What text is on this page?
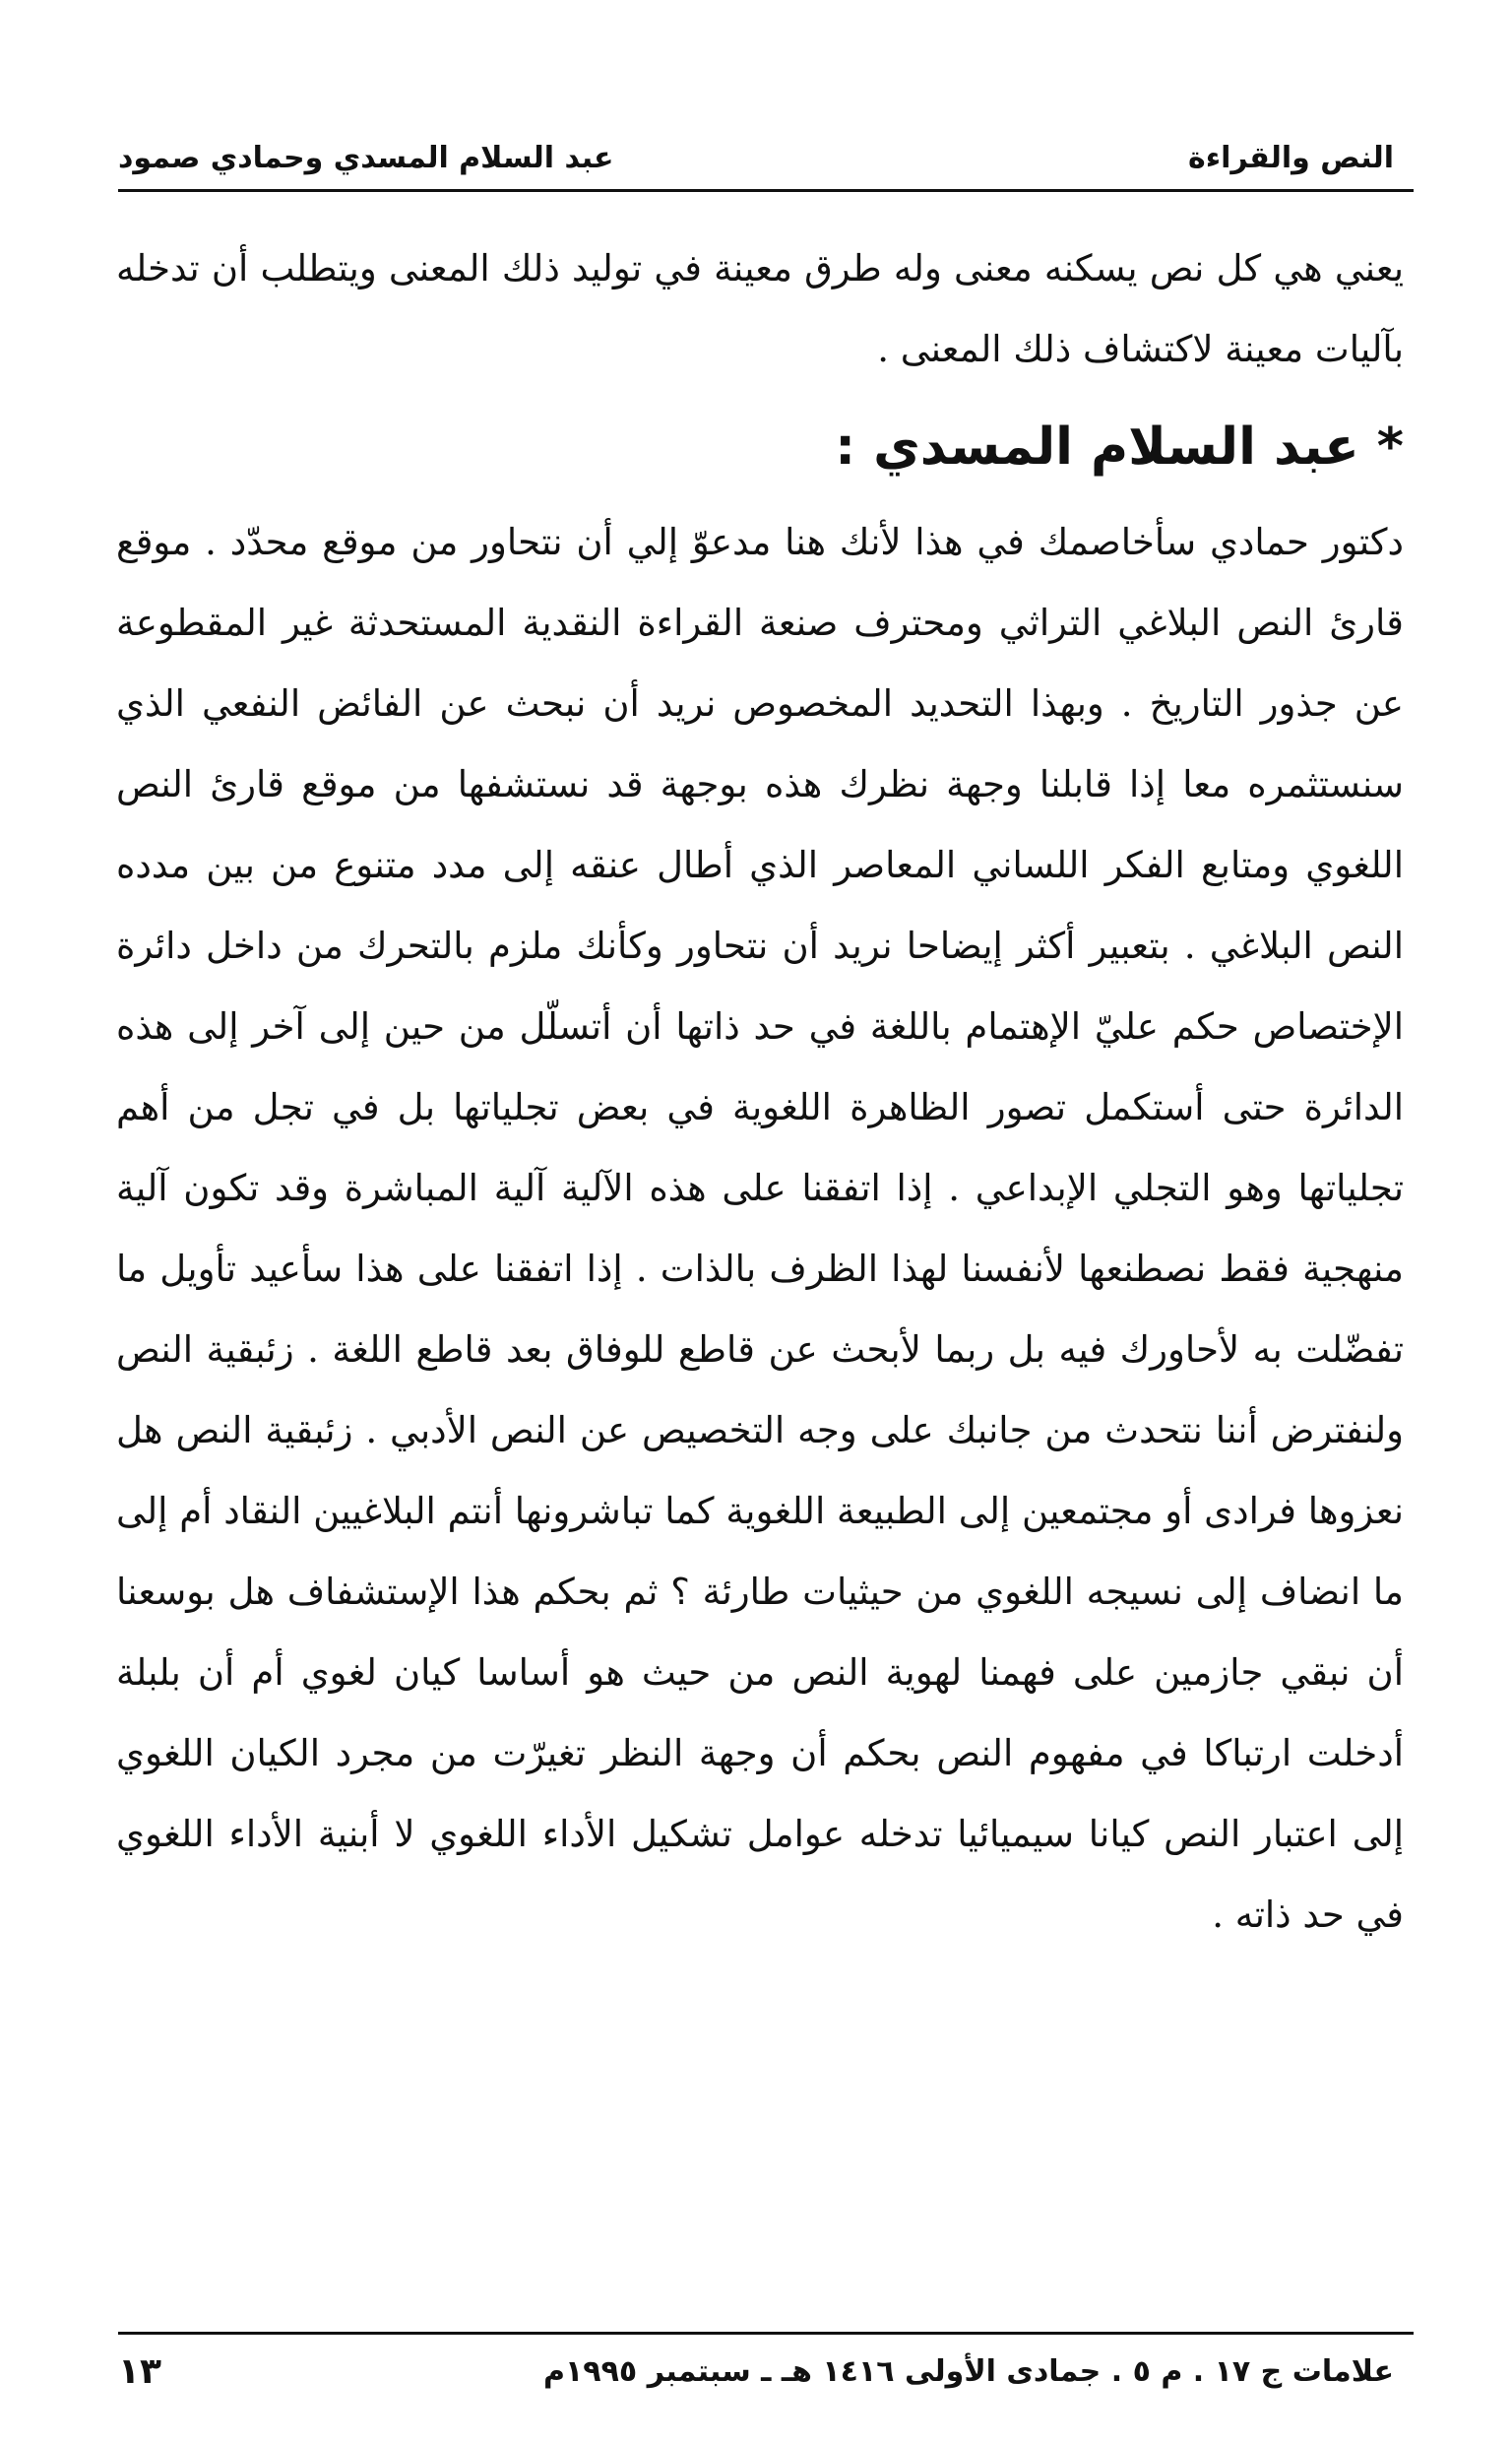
النص والقراءة
عبد السلام المسدي وحمادي صمود

يعني هي كل نص يسكنه معنى وله طرق معينة في توليد ذلك المعنى ويتطلب أن تدخله بآليات معينة لاكتشاف ذلك المعنى .

*عبد السلام المسدي :

دكتور حمادي سأخاصمك في هذا لأنك هنا مدعوّ إلي أن نتحاور من موقع محدّد . موقع قارئ النص البلاغي التراثي ومحترف صنعة القراءة النقدية المستحدثة غير المقطوعة عن جذور التاريخ . وبهذا التحديد المخصوص نريد أن نبحث عن الفائض النفعي الذي سنستثمره معا إذا قابلنا وجهة نظرك هذه بوجهة قد نستشفها من موقع قارئ النص اللغوي ومتابع الفكر اللساني المعاصر الذي أطال عنقه إلى مدد متنوع من بين مدده النص البلاغي . بتعبير أكثر إيضاحا نريد أن نتحاور وكأنك ملزم بالتحرك من داخل دائرة الإختصاص حكم عليّ الإهتمام باللغة في حد ذاتها أن أتسلّل من حين إلى آخر إلى هذه الدائرة حتى أستكمل تصور الظاهرة اللغوية في بعض تجلياتها بل في تجل من أهم تجلياتها وهو التجلي الإبداعي . إذا اتفقنا على هذه الآلية آلية المباشرة وقد تكون آلية منهجية فقط نصطنعها لأنفسنا لهذا الظرف بالذات . إذا اتفقنا على هذا سأعيد تأويل ما تفضّلت به لأحاورك فيه بل ربما لأبحث عن قاطع للوفاق بعد قاطع اللغة . زئبقية النص ولنفترض أننا نتحدث من جانبك على وجه التخصيص عن النص الأدبي . زئبقية النص هل نعزوها فرادى أو مجتمعين إلى الطبيعة اللغوية كما تباشرونها أنتم البلاغيين النقاد أم إلى ما انضاف إلى نسيجه اللغوي من حيثيات طارئة ؟ ثم بحكم هذا الإستشفاف هل بوسعنا أن نبقي جازمين على فهمنا لهوية النص من حيث هو أساسا كيان لغوي أم أن بلبلة أدخلت ارتباكا في مفهوم النص بحكم أن وجهة النظر تغيرّت من مجرد الكيان اللغوي إلى اعتبار النص كيانا سيميائيا تدخله عوامل تشكيل الأداء اللغوي لا أبنية الأداء اللغوي في حد ذاته .

علامات ج ١٧ . م ٥ . جمادى الأولى ١٤١٦ هـ ـ سبتمبر ١٩٩٥م
١٣
